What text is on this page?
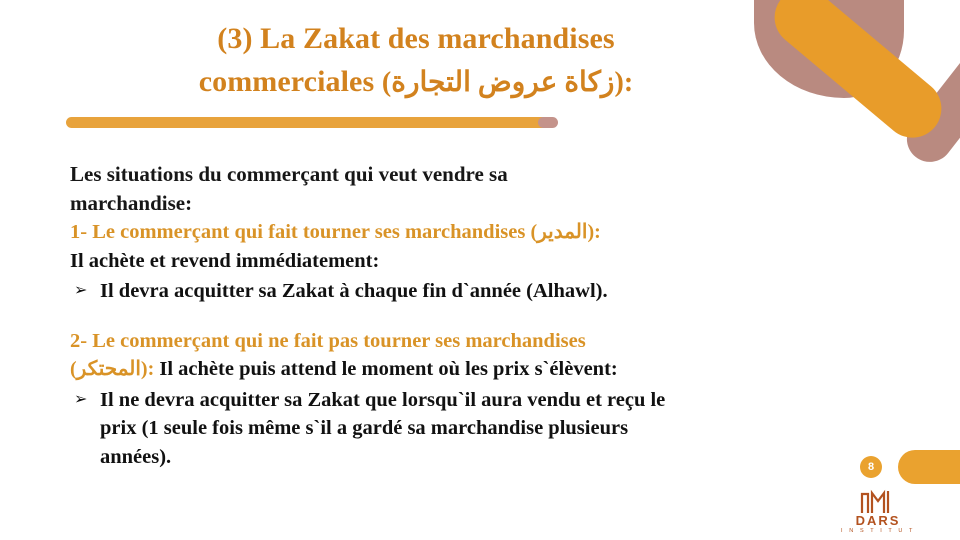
(3) La Zakat des marchandises
commerciales (زكاة عروض التجارة):

Les situations du commerçant qui veut vendre sa

marchandise:

1- Le commerçant qui fait tourner ses marchandises (المدير):

Il achète et revend immédiatement:

➢ Il devra acquitter sa Zakat à chaque fin d`année (Alhawl).
2- Le commerçant qui ne fait pas tourner ses marchandises
(المحتكر): Il achète puis attend le moment où les prix s`élèvent:
➢ Il ne devra acquitter sa Zakat que lorsqu`il aura vendu et reçu le
prix (1 seule fois même s`il a gardé sa marchandise plusieurs
années).	8
DARS
I N S T I T U T
